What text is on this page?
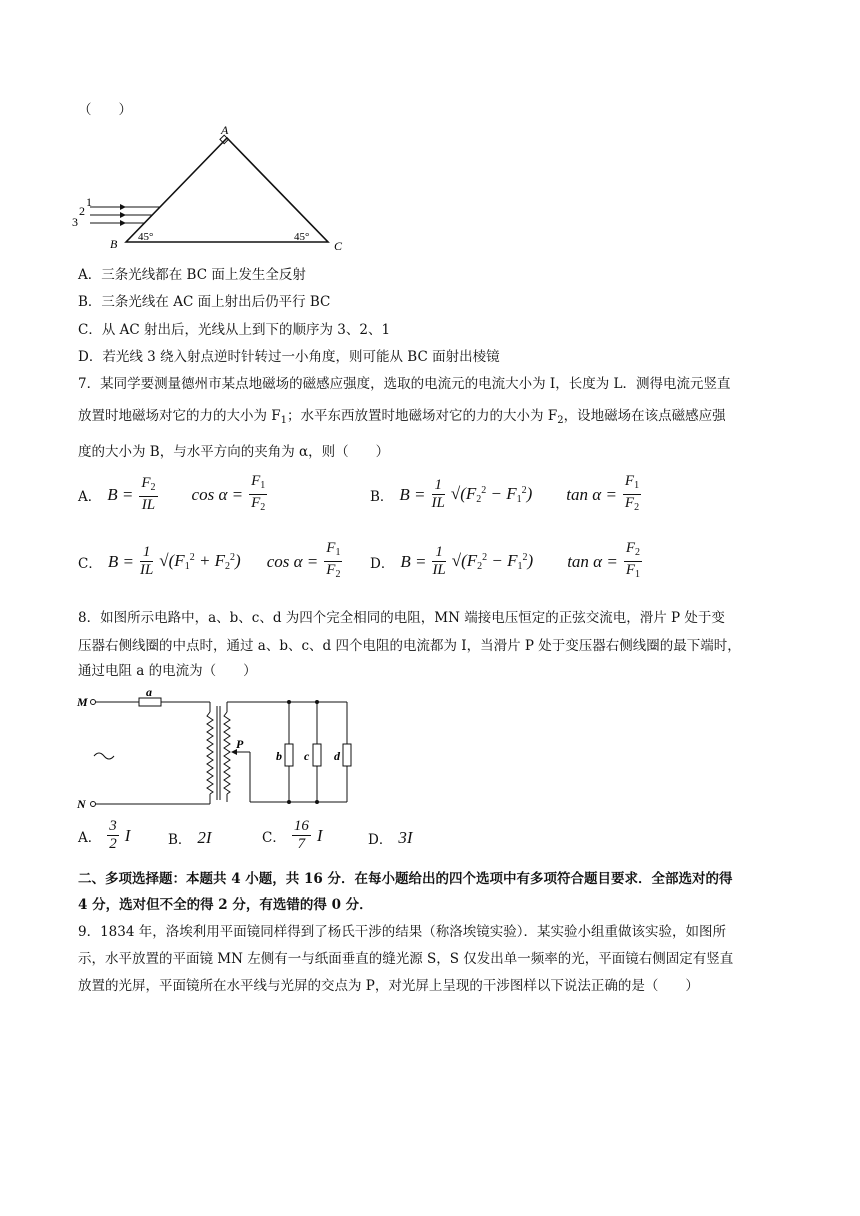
（　　）
A
B	C
1
2
3
45°	45°
A．三条光线都在 BC 面上发生全反射
B．三条光线在 AC 面上射出后仍平行 BC
C．从 AC 射出后，光线从上到下的顺序为 3、2、1
D．若光线 3 绕入射点逆时针转过一小角度，则可能从 BC 面射出棱镜
7．某同学要测量德州市某点地磁场的磁感应强度，选取的电流元的电流大小为 I，长度为 L．测得电流元竖直
放置时地磁场对它的力的大小为 $F_1$；水平东西放置时地磁场对它的力的大小为 $F_2$，设地磁场在该点磁感应强
度的大小为 B，与水平方向的夹角为 α，则（　　）
A． $B = \frac{F_2}{IL}$ $\cos \alpha = \frac{F_1}{F_2}$	B． $B = \frac{1}{IL} √(F_2^2 - F_1^2)$ $\tan \alpha = \frac{F_1}{F_2}$
C． $B = \frac{1}{IL} √(F_1^2 + F_2^2)$ $\cos \alpha = \frac{F_1}{F_2}$ D． $B = \frac{1}{IL} √(F_2^2 - F_1^2)$ $\tan \alpha = \frac{F_2}{F_1}$
8．如图所示电路中，a、b、c、d 为四个完全相同的电阻，MN 端接电压恒定的正弦交流电，滑片 P 处于变
压器右侧线圈的中点时，通过 a、b、c、d 四个电阻的电流都为 I，当滑片 P 处于变压器右侧线圈的最下端时，
通过电阻 a 的电流为（　　）
M
N
a
b c d
P
A． $\frac{3}{2}$ I	B． 2I	C． $\frac{16}{7}$ I	D． 3I
二、多项选择题：本题共 4 小题，共 16 分．在每小题给出的四个选项中有多项符合题目要求．全部选对的得
4 分，选对但不全的得 2 分，有选错的得 0 分．
9．1834 年，洛埃利用平面镜同样得到了杨氏干涉的结果（称洛埃镜实验）．某实验小组重做该实验，如图所
示，水平放置的平面镜 MN 左侧有一与纸面垂直的缝光源 S，S 仅发出单一频率的光，平面镜右侧固定有竖直
放置的光屏，平面镜所在水平线与光屏的交点为 P，对光屏上呈现的干涉图样以下说法正确的是（　　）
